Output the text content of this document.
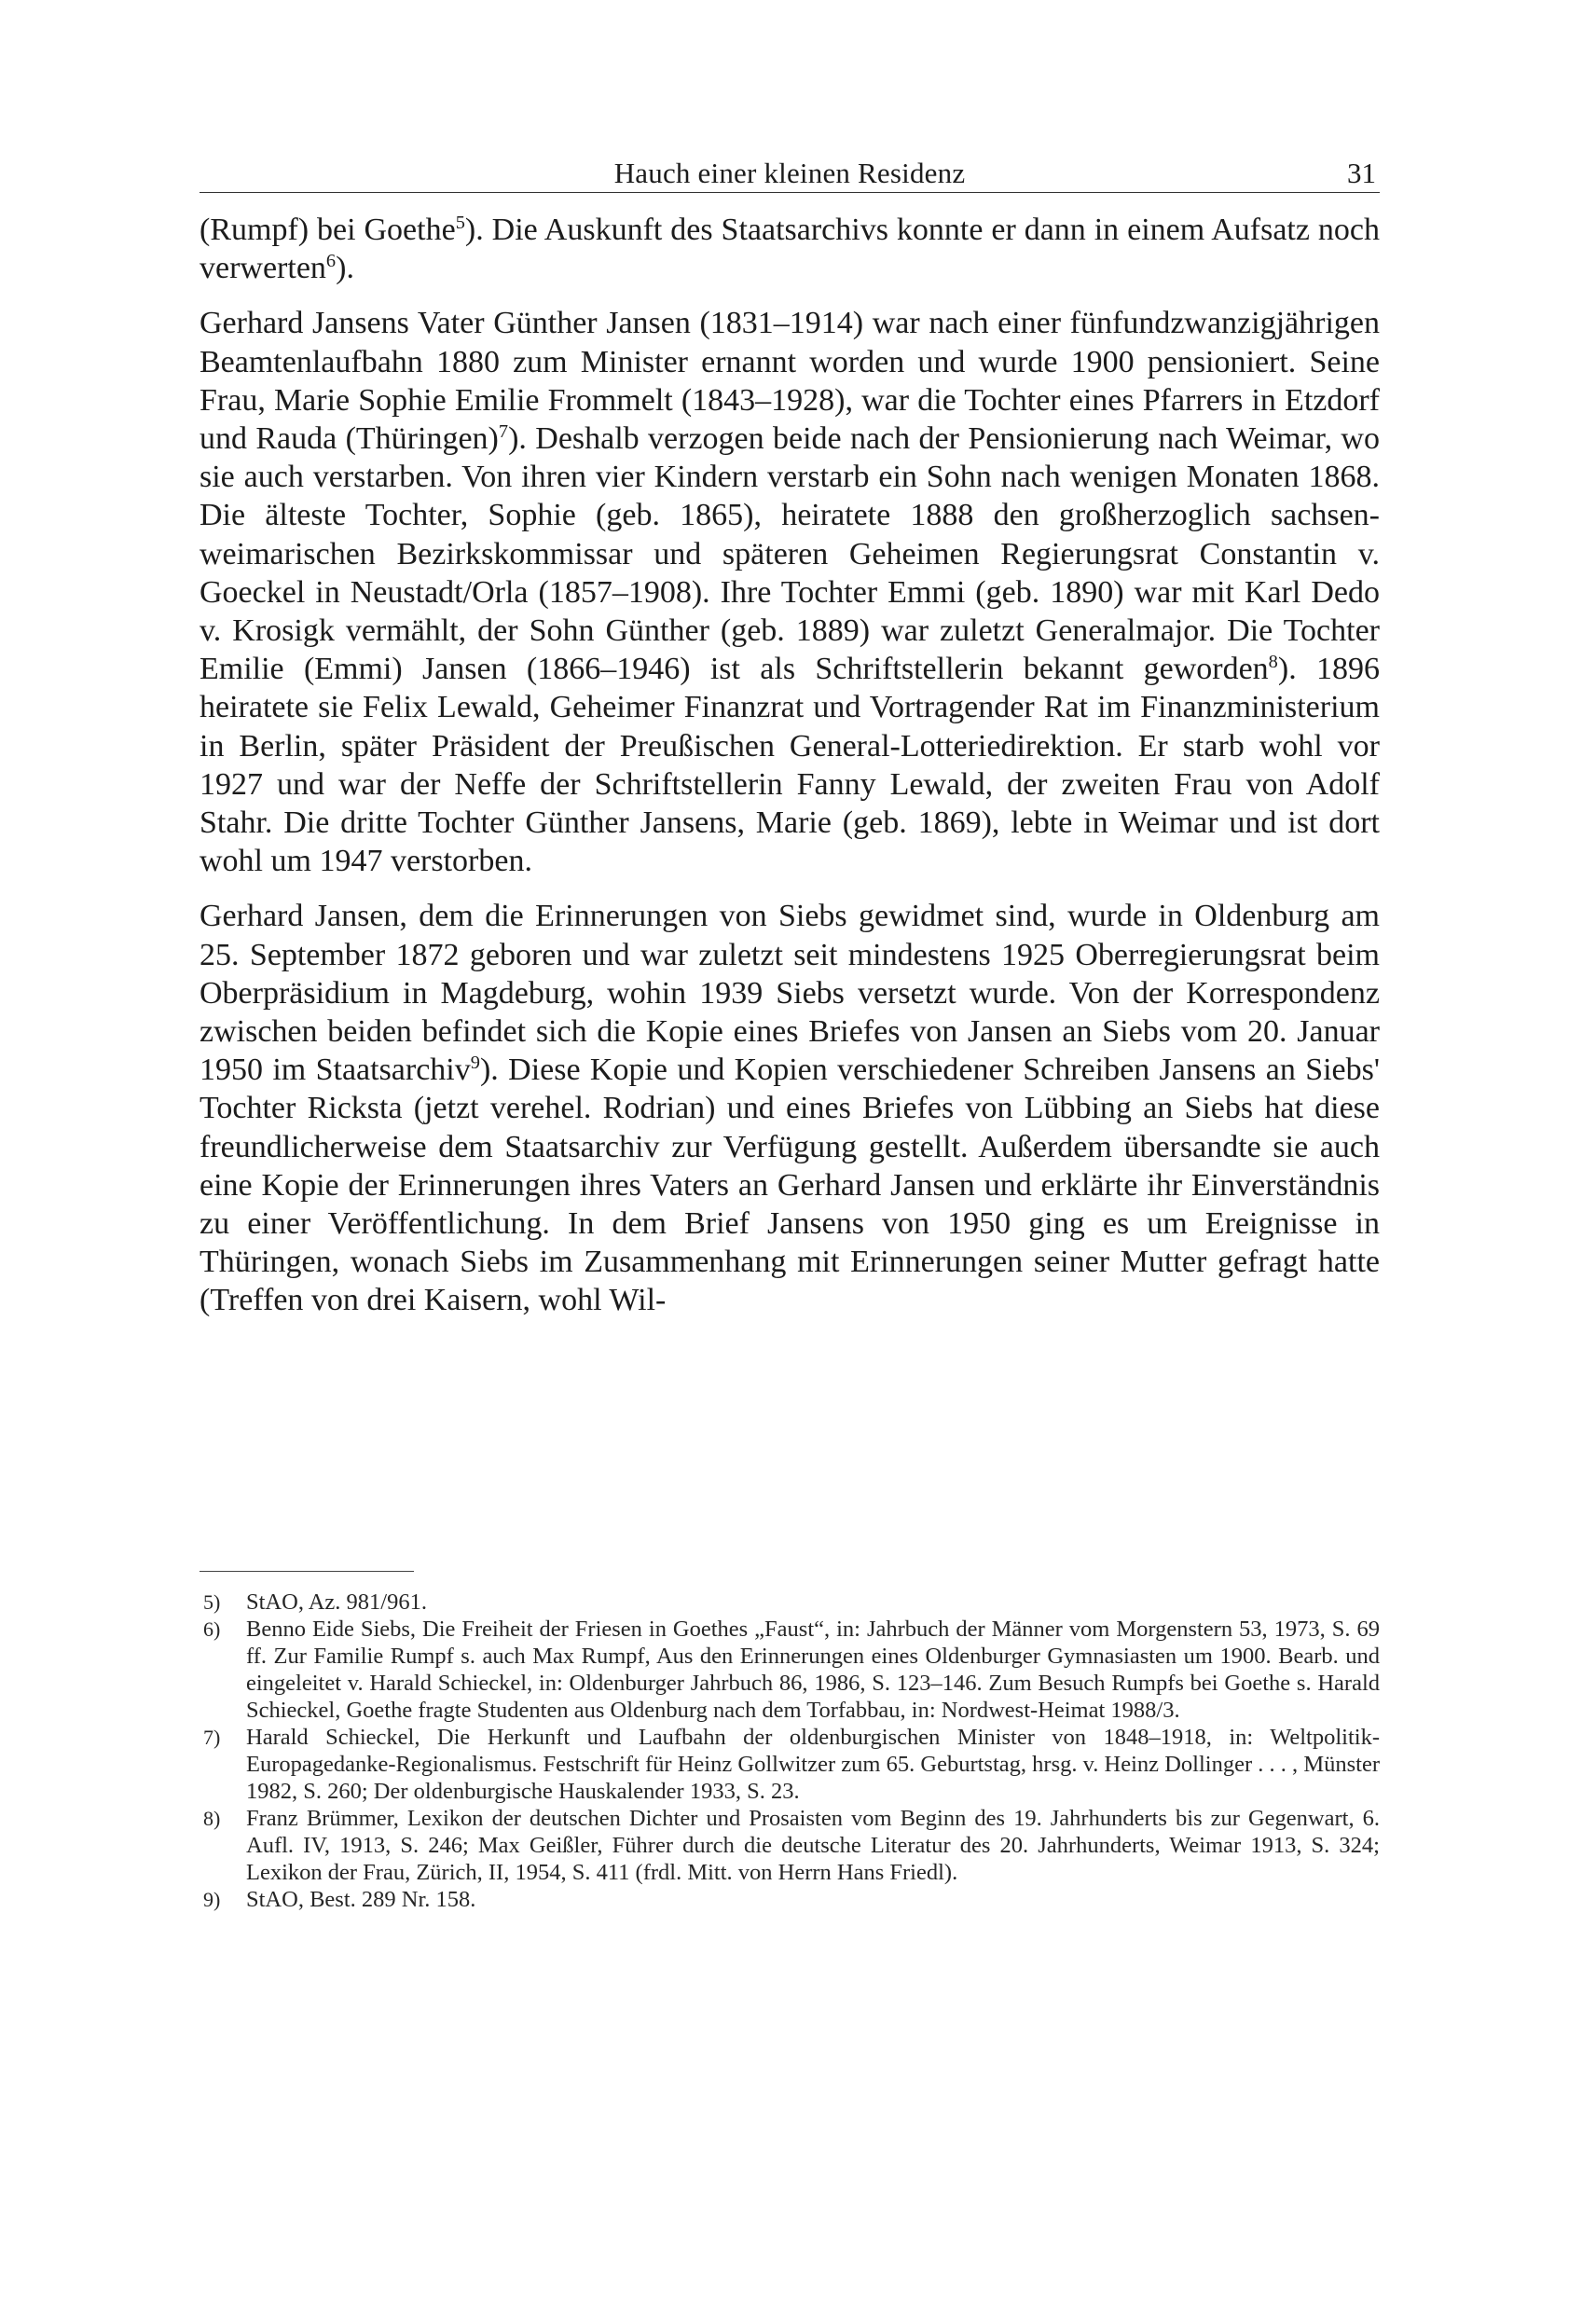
Hauch einer kleinen Residenz	31

(Rumpf) bei Goethe$^5$). Die Auskunft des Staatsarchivs konnte er dann in einem Aufsatz noch verwerten$^6$).

Gerhard Jansens Vater Günther Jansen (1831–1914) war nach einer fünfundzwanzigjährigen Beamtenlaufbahn 1880 zum Minister ernannt worden und wurde 1900 pensioniert. Seine Frau, Marie Sophie Emilie Frommelt (1843–1928), war die Tochter eines Pfarrers in Etzdorf und Rauda (Thüringen)$^7$). Deshalb verzogen beide nach der Pensionierung nach Weimar, wo sie auch verstarben. Von ihren vier Kindern verstarb ein Sohn nach wenigen Monaten 1868. Die älteste Tochter, Sophie (geb. 1865), heiratete 1888 den großherzoglich sachsen-weimarischen Bezirkskommissar und späteren Geheimen Regierungsrat Constantin v. Goeckel in Neustadt/Orla (1857–1908). Ihre Tochter Emmi (geb. 1890) war mit Karl Dedo v. Krosigk vermählt, der Sohn Günther (geb. 1889) war zuletzt Generalmajor. Die Tochter Emilie (Emmi) Jansen (1866–1946) ist als Schriftstellerin bekannt geworden$^8$). 1896 heiratete sie Felix Lewald, Geheimer Finanzrat und Vortragender Rat im Finanzministerium in Berlin, später Präsident der Preußischen General-Lotteriedirektion. Er starb wohl vor 1927 und war der Neffe der Schriftstellerin Fanny Lewald, der zweiten Frau von Adolf Stahr. Die dritte Tochter Günther Jansens, Marie (geb. 1869), lebte in Weimar und ist dort wohl um 1947 verstorben.

Gerhard Jansen, dem die Erinnerungen von Siebs gewidmet sind, wurde in Oldenburg am 25. September 1872 geboren und war zuletzt seit mindestens 1925 Oberregierungsrat beim Oberpräsidium in Magdeburg, wohin 1939 Siebs versetzt wurde. Von der Korrespondenz zwischen beiden befindet sich die Kopie eines Briefes von Jansen an Siebs vom 20. Januar 1950 im Staatsarchiv$^9$). Diese Kopie und Kopien verschiedener Schreiben Jansens an Siebs' Tochter Ricksta (jetzt verehel. Rodrian) und eines Briefes von Lübbing an Siebs hat diese freundlicherweise dem Staatsarchiv zur Verfügung gestellt. Außerdem übersandte sie auch eine Kopie der Erinnerungen ihres Vaters an Gerhard Jansen und erklärte ihr Einverständnis zu einer Veröffentlichung. In dem Brief Jansens von 1950 ging es um Ereignisse in Thüringen, wonach Siebs im Zusammenhang mit Erinnerungen seiner Mutter gefragt hatte (Treffen von drei Kaisern, wohl Wil-

5) StAO, Az. 981/961.
6) Benno Eide Siebs, Die Freiheit der Friesen in Goethes „Faust“, in: Jahrbuch der Männer vom Morgenstern 53, 1973, S. 69 ff. Zur Familie Rumpf s. auch Max Rumpf, Aus den Erinnerungen eines Oldenburger Gymnasiasten um 1900. Bearb. und eingeleitet v. Harald Schieckel, in: Oldenburger Jahrbuch 86, 1986, S. 123–146. Zum Besuch Rumpfs bei Goethe s. Harald Schieckel, Goethe fragte Studenten aus Oldenburg nach dem Torfabbau, in: Nordwest-Heimat 1988/3.
7) Harald Schieckel, Die Herkunft und Laufbahn der oldenburgischen Minister von 1848–1918, in: Weltpolitik-Europagedanke-Regionalismus. Festschrift für Heinz Gollwitzer zum 65. Geburtstag, hrsg. v. Heinz Dollinger . . . , Münster 1982, S. 260; Der oldenburgische Hauskalender 1933, S. 23.
8) Franz Brümmer, Lexikon der deutschen Dichter und Prosaisten vom Beginn des 19. Jahrhunderts bis zur Gegenwart, 6. Aufl. IV, 1913, S. 246; Max Geißler, Führer durch die deutsche Literatur des 20. Jahrhunderts, Weimar 1913, S. 324; Lexikon der Frau, Zürich, II, 1954, S. 411 (frdl. Mitt. von Herrn Hans Friedl).
9) StAO, Best. 289 Nr. 158.
